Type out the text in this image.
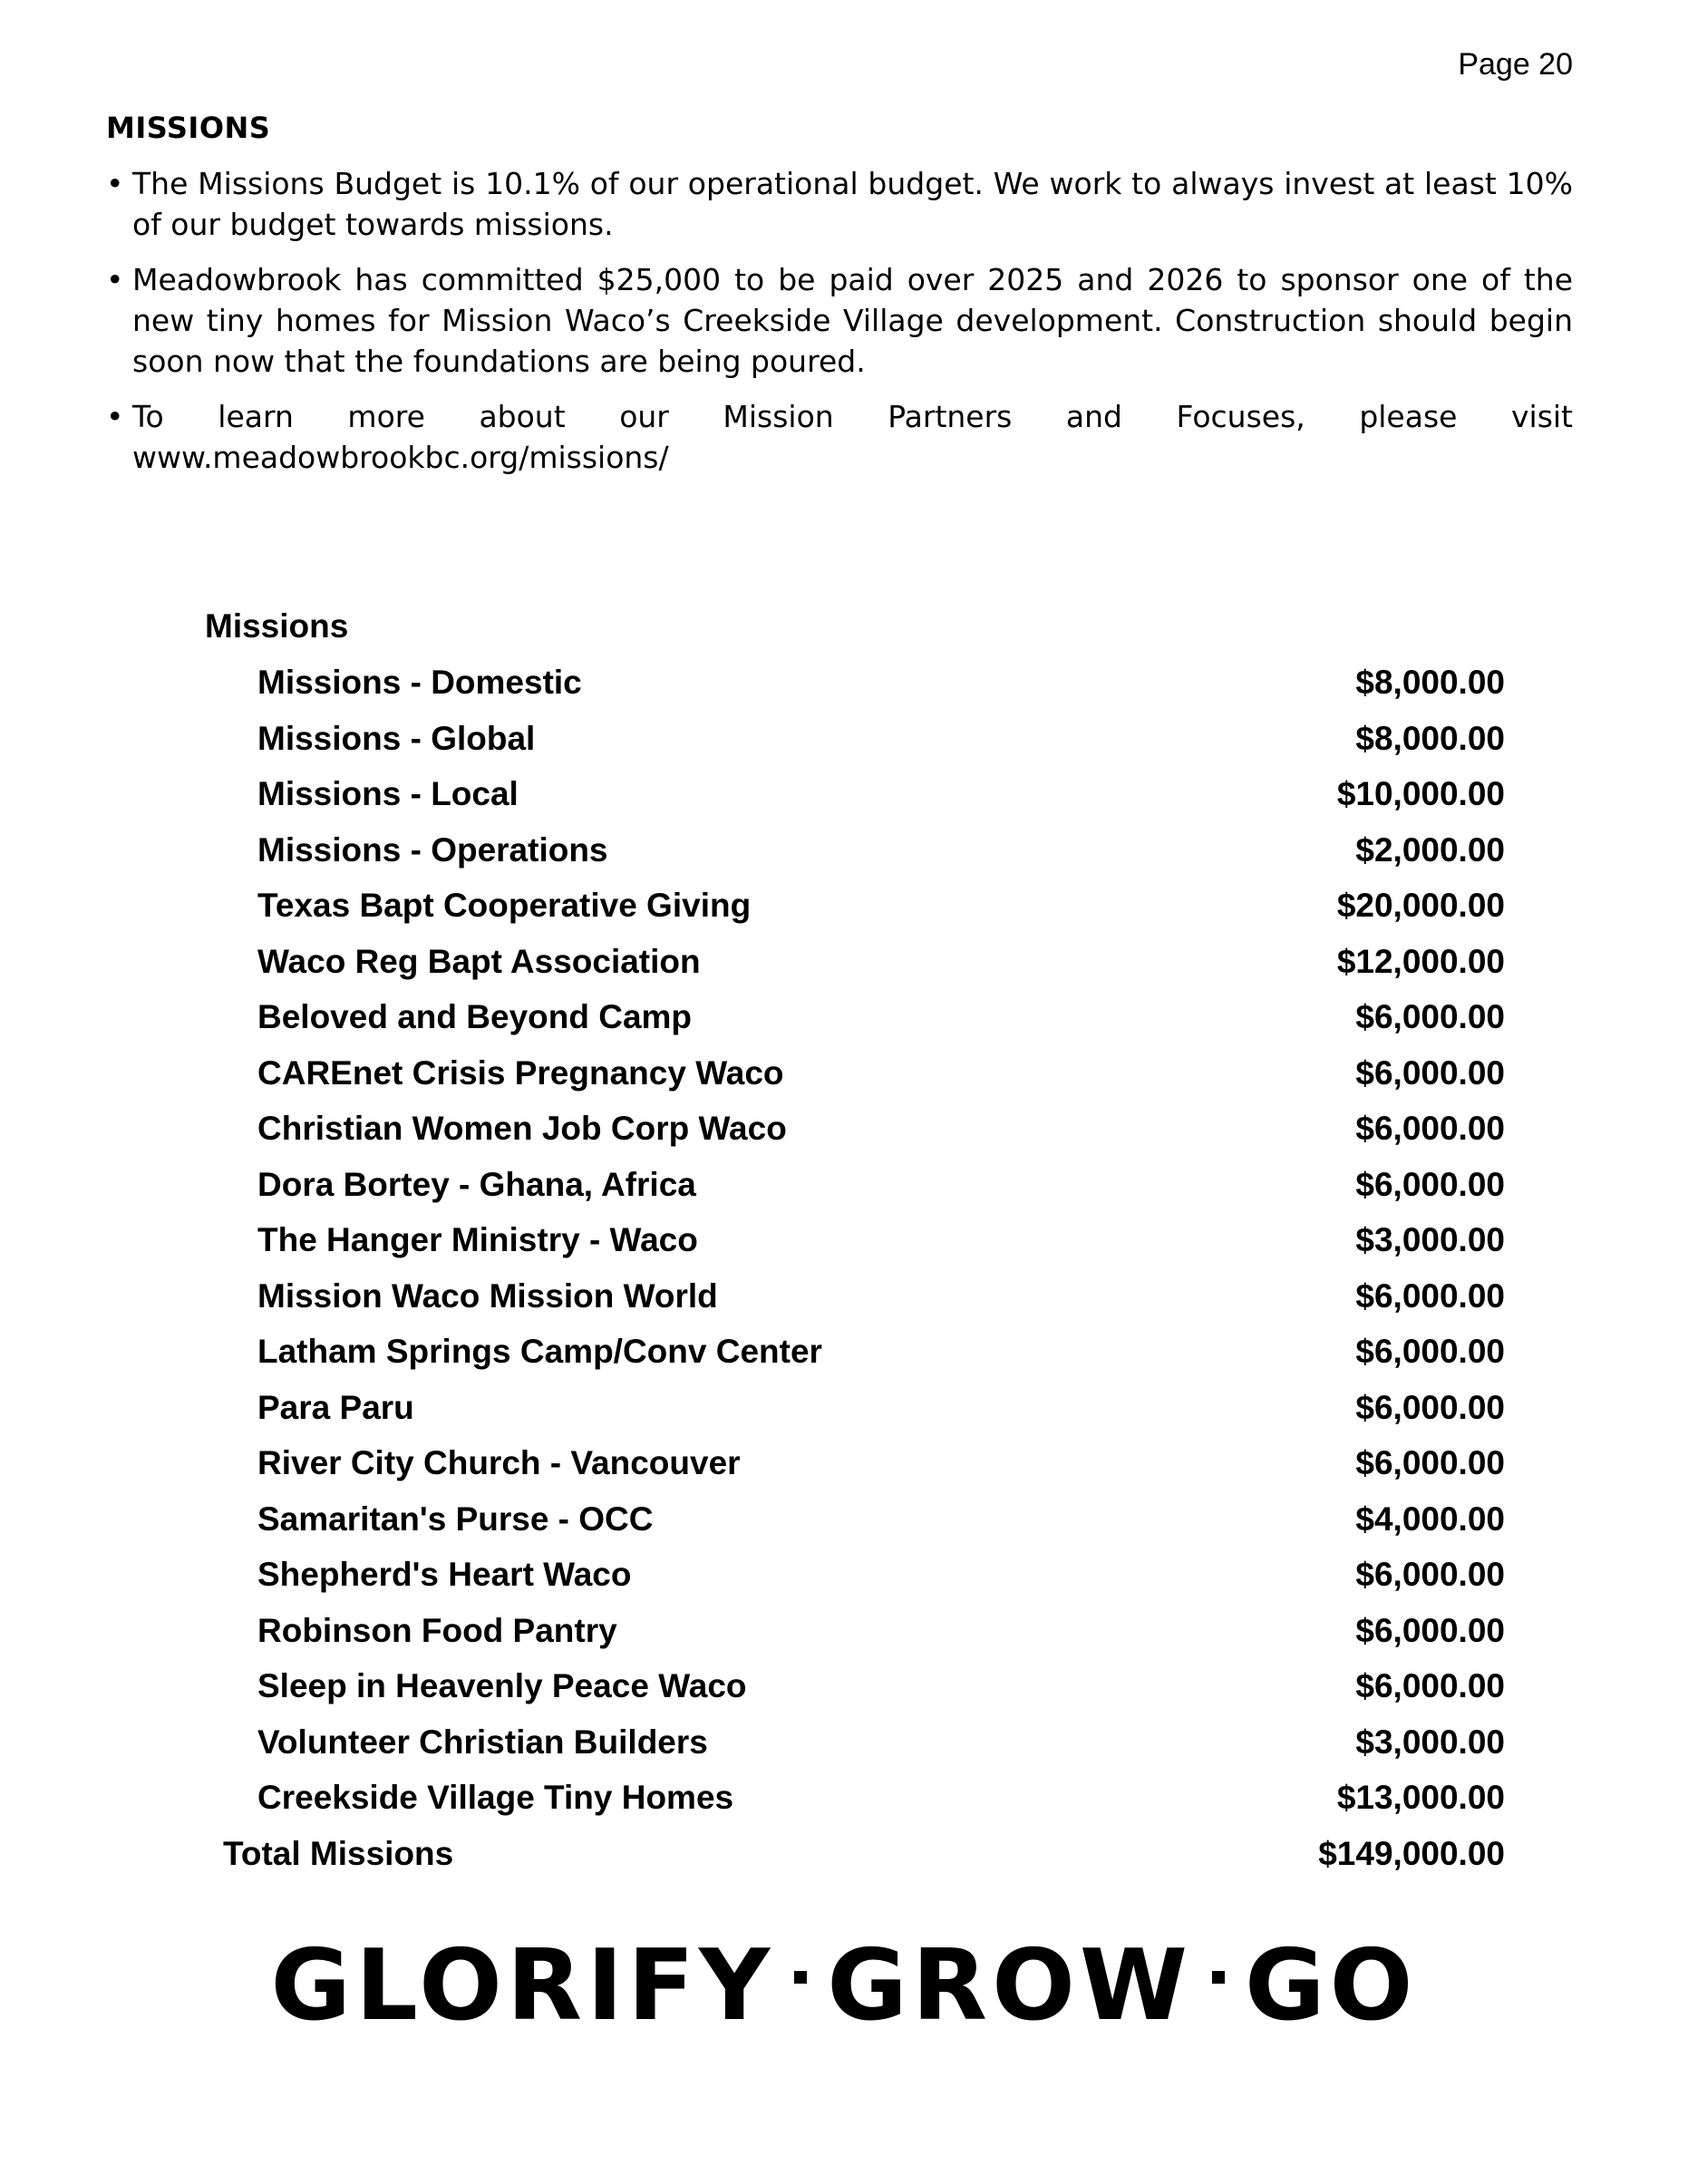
Page 20
MISSIONS
• The Missions Budget is 10.1% of our operational budget. We work to always invest at least 10% of our budget towards missions.
• Meadowbrook has committed $25,000 to be paid over 2025 and 2026 to sponsor one of the new tiny homes for Mission Waco’s Creekside Village development. Construction should begin soon now that the foundations are being poured.
• To learn more about our Mission Partners and Focuses, please visit www.meadowbrookbc.org/missions/
Missions
Missions - Domestic	$8,000.00
Missions - Global	$8,000.00
Missions - Local	$10,000.00
Missions - Operations	$2,000.00
Texas Bapt Cooperative Giving	$20,000.00
Waco Reg Bapt Association	$12,000.00
Beloved and Beyond Camp	$6,000.00
CAREnet Crisis Pregnancy Waco	$6,000.00
Christian Women Job Corp Waco	$6,000.00
Dora Bortey - Ghana, Africa	$6,000.00
The Hanger Ministry - Waco	$3,000.00
Mission Waco Mission World	$6,000.00
Latham Springs Camp/Conv Center	$6,000.00
Para Paru	$6,000.00
River City Church - Vancouver	$6,000.00
Samaritan's Purse - OCC	$4,000.00
Shepherd's Heart Waco	$6,000.00
Robinson Food Pantry	$6,000.00
Sleep in Heavenly Peace Waco	$6,000.00
Volunteer Christian Builders	$3,000.00
Creekside Village Tiny Homes	$13,000.00
Total Missions	$149,000.00
GLORIFY GROW GO
